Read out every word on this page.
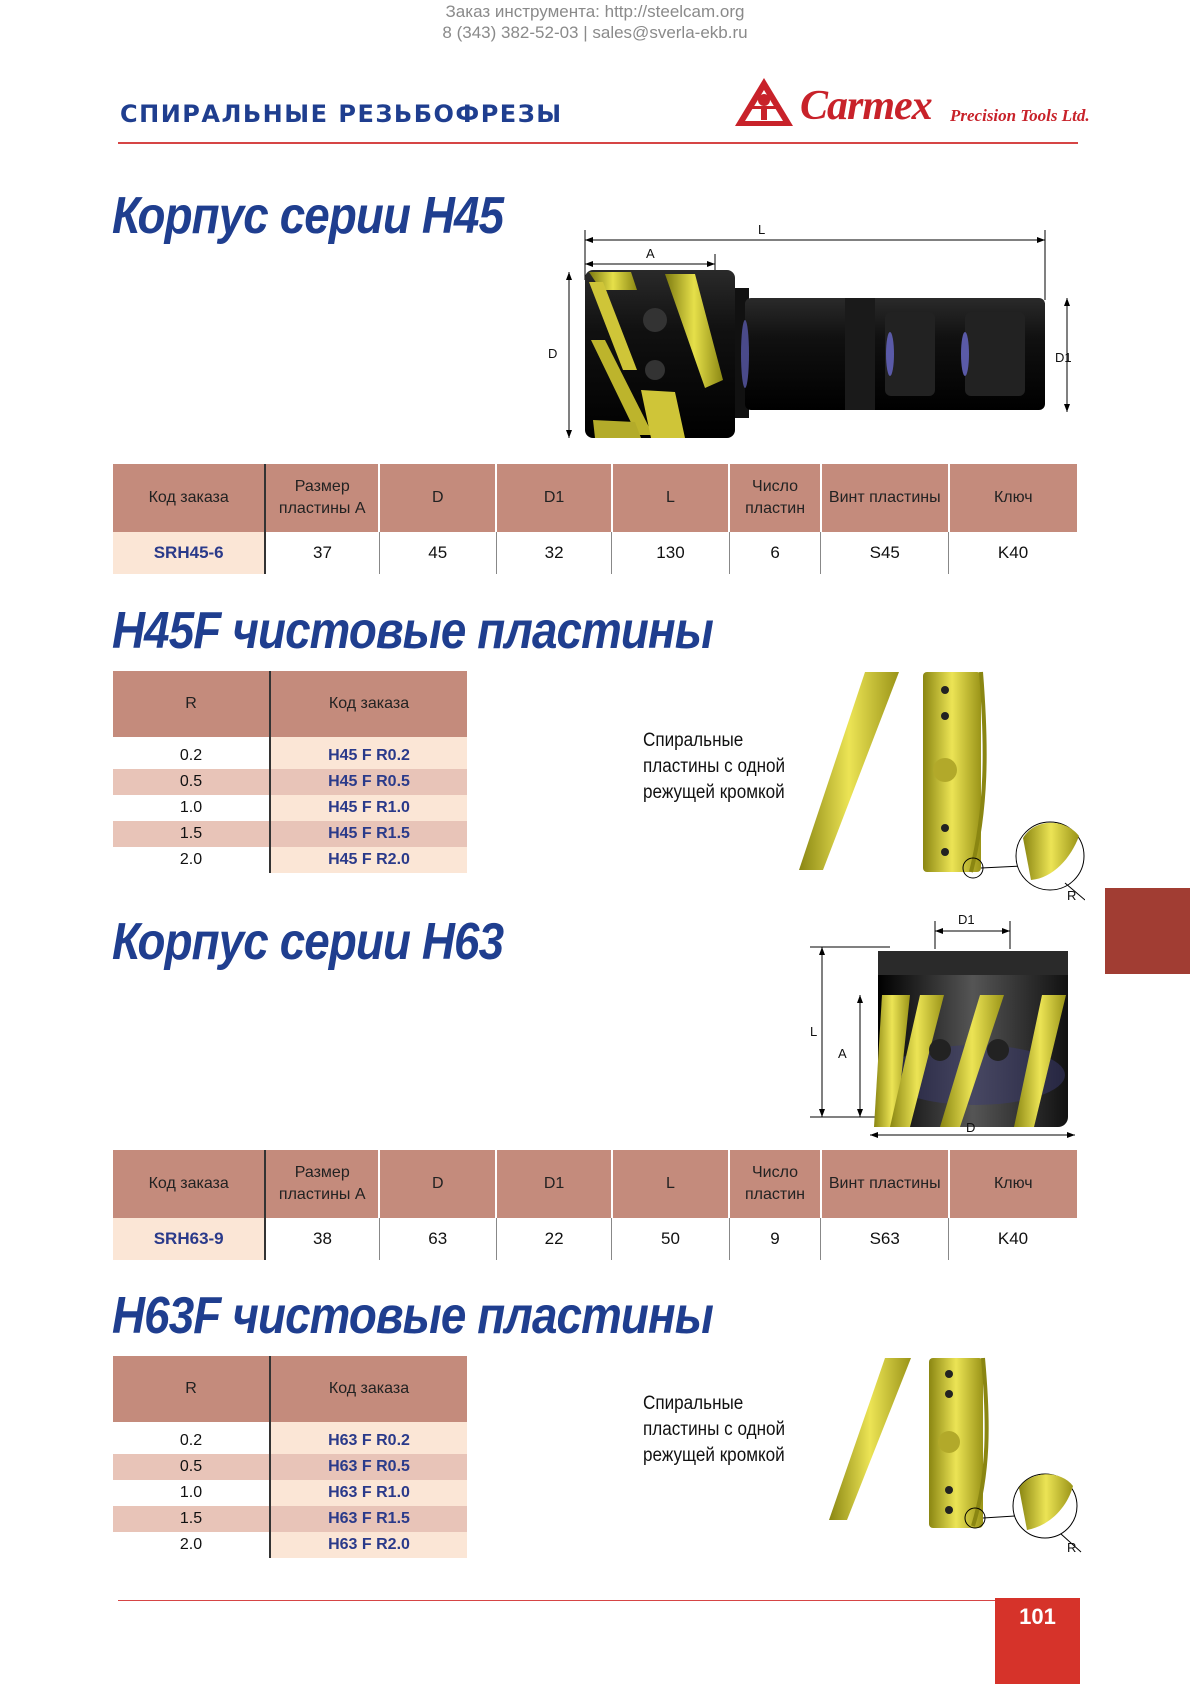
Заказ инструмента: http://steelcam.org
8 (343) 382-52-03 | sales@sverla-ekb.ru
СПИРАЛЬНЫЕ РЕЗЬБОФРЕЗЫ	Carmex Precision Tools Ltd.
Корпус серии H45	L
A
D	D1
Код заказа	Размер пластины A	D	D1	L	Число пластин	Винт пластины	Ключ
SRH45-6	37	45	32	130	6	S45	K40
H45F чистовые пластины
R	Код заказа

0.2	H45 F R0.2
0.5	H45 F R0.5
1.0	H45 F R1.0
1.5	H45 F R1.5
2.0	H45 F R2.0
Спиральные
пластины с одной
режущей кромкой
R
Корпус серии H63	D1
L
A
D
Код заказа	Размер пластины A	D	D1	L	Число пластин	Винт пластины	Ключ
SRH63-9	38	63	22	50	9	S63	K40
H63F чистовые пластины
R	Код заказа

0.2	H63 F R0.2
0.5	H63 F R0.5
1.0	H63 F R1.0
1.5	H63 F R1.5
2.0	H63 F R2.0
Спиральные
пластины с одной
режущей кромкой
R
101
